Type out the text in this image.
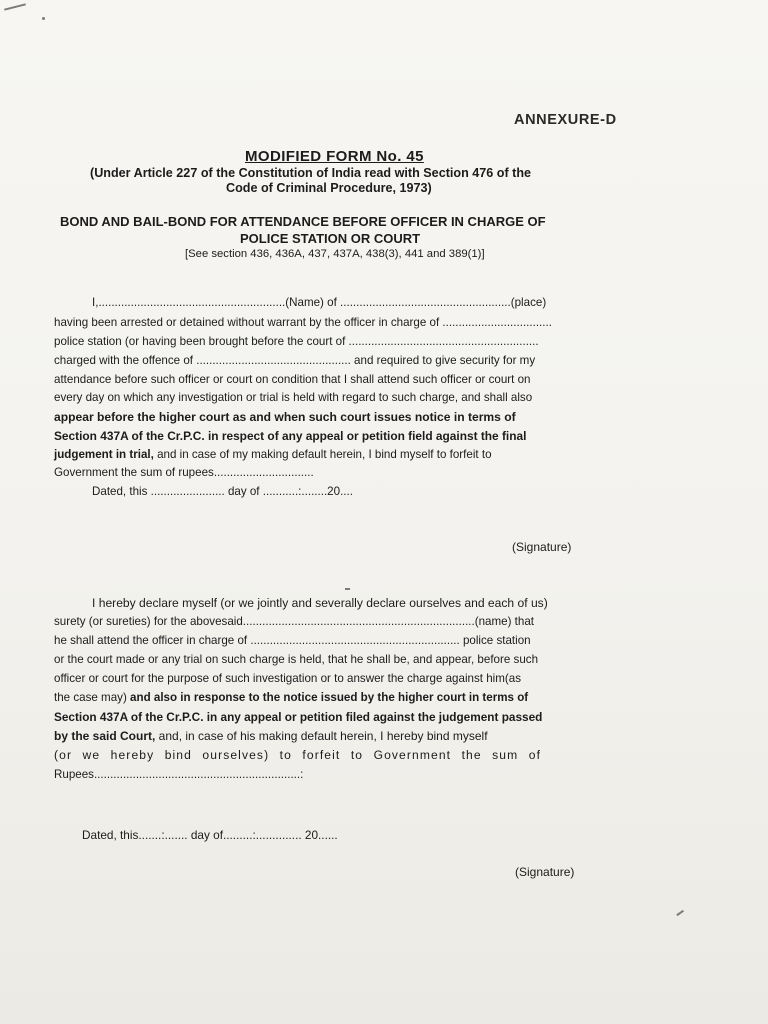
ANNEXURE-D
MODIFIED FORM No. 45
(Under Article 227 of the Constitution of India read with Section 476 of the
Code of Criminal Procedure, 1973)
BOND AND BAIL-BOND FOR ATTENDANCE BEFORE OFFICER IN CHARGE OF
POLICE STATION OR COURT
[See section 436, 436A, 437, 437A, 438(3), 441 and 389(1)]
I,..........................................................(Name) of .....................................................(place)
having been arrested or detained without warrant by the officer in charge of ..................................
police station (or having been brought before the court of ...........................................................
charged with the offence of ................................................ and required to give security for my
attendance before such officer or court on condition that I shall attend such officer or court on
every day on which any investigation or trial is held with regard to such charge, and shall also
appear before the higher court as and when such court issues notice in terms of
Section 437A of the Cr.P.C. in respect of any appeal or petition field against the final
judgement in trial, and in case of my making default herein, I bind myself to forfeit to
Government the sum of rupees...............................
Dated, this ....................... day of ...........:........20....
(Signature)
I hereby declare myself (or we jointly and severally declare ourselves and each of us)
surety (or sureties) for the abovesaid........................................................................(name) that
he shall attend the officer in charge of ................................................................. police station
or the court made or any trial on such charge is held, that he shall be, and appear, before such
officer or court for the purpose of such investigation or to answer the charge against him(as
the case may) and also in response to the notice issued by the higher court in terms of
Section 437A of the Cr.P.C. in any appeal or petition filed against the judgement passed
by the said Court, and, in case of his making default herein, I hereby bind myself
(or we hereby bind ourselves) to forfeit to Government the sum of
Rupees................................................................:
Dated, this.......:....... day of.........:.............. 20......
(Signature)
